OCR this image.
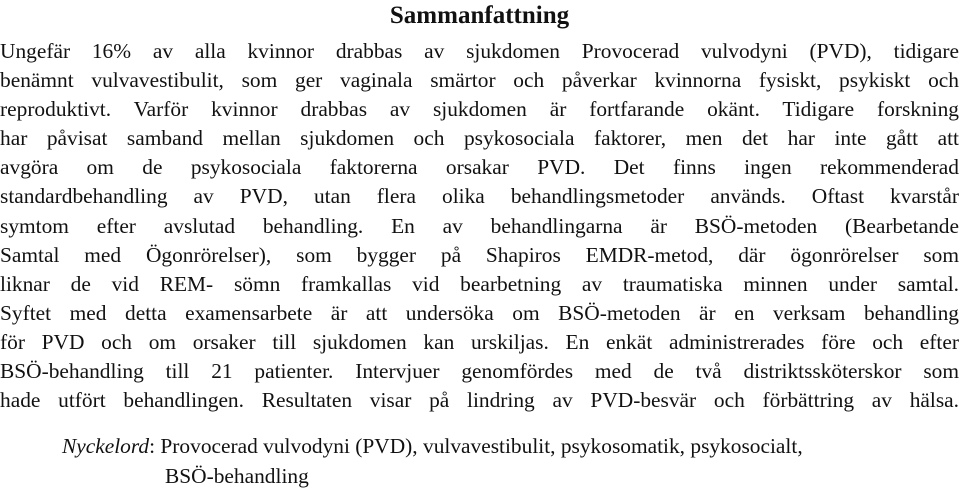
Sammanfattning
Ungefär 16% av alla kvinnor drabbas av sjukdomen Provocerad vulvodyni (PVD), tidigare
benämnt vulvavestibulit, som ger vaginala smärtor och påverkar kvinnorna fysiskt, psykiskt och
reproduktivt. Varför kvinnor drabbas av sjukdomen är fortfarande okänt. Tidigare forskning
har påvisat samband mellan sjukdomen och psykosociala faktorer, men det har inte gått att
avgöra om de psykosociala faktorerna orsakar PVD. Det finns ingen rekommenderad
standardbehandling av PVD, utan flera olika behandlingsmetoder används. Oftast kvarstår
symtom efter avslutad behandling. En av behandlingarna är BSÖ-metoden (Bearbetande
Samtal med Ögonrörelser), som bygger på Shapiros EMDR-metod, där ögonrörelser som
liknar de vid REM- sömn framkallas vid bearbetning av traumatiska minnen under samtal.
Syftet med detta examensarbete är att undersöka om BSÖ-metoden är en verksam behandling
för PVD och om orsaker till sjukdomen kan urskiljas. En enkät administrerades före och efter
BSÖ-behandling till 21 patienter. Intervjuer genomfördes med de två distriktssköterskor som
hade utfört behandlingen. Resultaten visar på lindring av PVD-besvär och förbättring av hälsa.
Nyckelord: Provocerad vulvodyni (PVD), vulvavestibulit, psykosomatik, psykosocialt,
BSÖ-behandling
